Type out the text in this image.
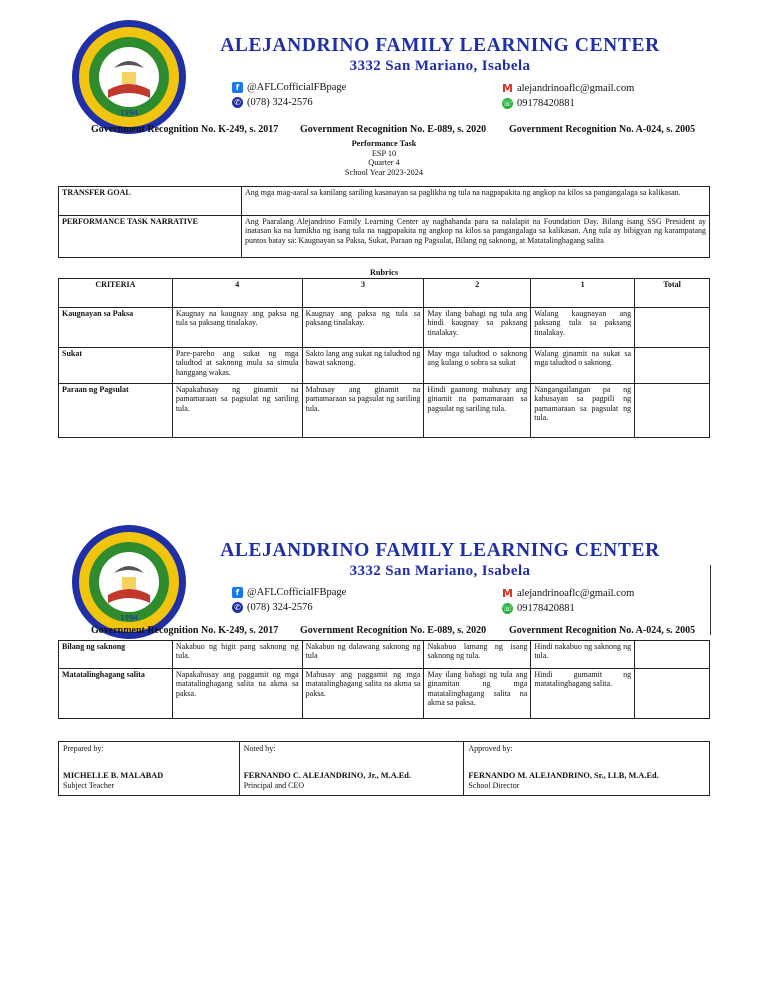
1994
ALEJANDRINO FAMILY LEARNING CENTER
3332 San Mariano, Isabela
f @AFLCofficialFBpage
✆ (078) 324-2576
M alejandrinoaflc@gmail.com
☏ 09178420881
Government Recognition No. K-249, s. 2017 Government Recognition No. E-089, s. 2020 Government Recognition No. A-024, s. 2005
Performance Task
ESP 10
Quarter 4
School Year 2023-2024
TRANSFER GOAL	Ang mga mag-aaral sa kanilang sariling kasanayan sa paglikha ng tula na nagpapakita ng angkop na kilos sa pangangalaga sa kalikasan.
PERFORMANCE TASK NARRATIVE	Ang Paaralang Alejandrino Family Learning Center ay naghahanda para sa nalalapit na Foundation Day. Bilang isang SSG President ay inatasan ka na lumikha ng isang tula na nagpapakita ng angkop na kilos sa pangangalaga sa kalikasan. Ang tula ay bibigyan ng karampatang puntos batay sa: Kaugnayan sa Paksa, Sukat, Paraan ng Pagsulat, Bilang ng saknong, at Matatalinghagang salita
Rubrics
CRITERIA	4	3	2	1	Total
Kaugnayan sa Paksa	Kaugnay na kaugnay ang paksa ng tula sa paksang tinalakay.	Kaugnay ang paksa ng tula sa paksang tinalakay.	May ilang bahagi ng tula ang hindi kaugnay sa paksang tinalakay.	Walang kaugnayan ang paksang tula sa paksang tinalakay.	
Sukat	Pare-pareho ang sukat ng mga taludtod at saknong mula sa simula hanggang wakas.	Sakto lang ang sukat ng taludtod ng bawat saknong.	May mga taludtod o saknong ang kulang o sobra sa sukat	Walang ginamit na sukat sa mga taludtod o saknong.	
Paraan ng Pagsulat	Napakahusay ng ginamit na pamamaraan sa pagsulat ng sariling tula.	Mahusay ang ginamit na pamamaraan sa pagsulat ng sariling tula.	Hindi gaanong mahusay ang ginamit na pamamaraan sa pagsulat ng sariling tula.	Nangangailangan pa ng kahusayan sa pagpili ng pamamaraan sa pagsulat ng tula.	
1994
ALEJANDRINO FAMILY LEARNING CENTER
3332 San Mariano, Isabela
f @AFLCofficialFBpage
✆ (078) 324-2576
M alejandrinoaflc@gmail.com
☏ 09178420881
Government Recognition No. K-249, s. 2017 Government Recognition No. E-089, s. 2020 Government Recognition No. A-024, s. 2005
Bilang ng saknong	Nakabuo ng higit pang saknong ng tula.	Nakabuo ng dalawang saknong ng tula	Nakabuo lamang ng isang saknong ng tula.	Hindi nakabuo ng saknong ng tula.	
Matatalinghagang salita	Napakahusay ang paggamit ng mga matatalinghagang salita na akma sa paksa.	Mahusay ang paggamit ng mga matatalinghagang salita na akma sa paksa.	May ilang bahagi ng tula ang ginamitan ng mga matatalinghagang salita na akma sa paksa.	Hindi gumamit ng matatalinghagang salita.	
Prepared by:
MICHELLE B. MALABAD
Subject Teacher

Noted by:
FERNANDO C. ALEJANDRINO, Jr., M.A.Ed.
Principal and CEO

Approved by:
FERNANDO M. ALEJANDRINO, Sr., LLB, M.A.Ed.
School Director
